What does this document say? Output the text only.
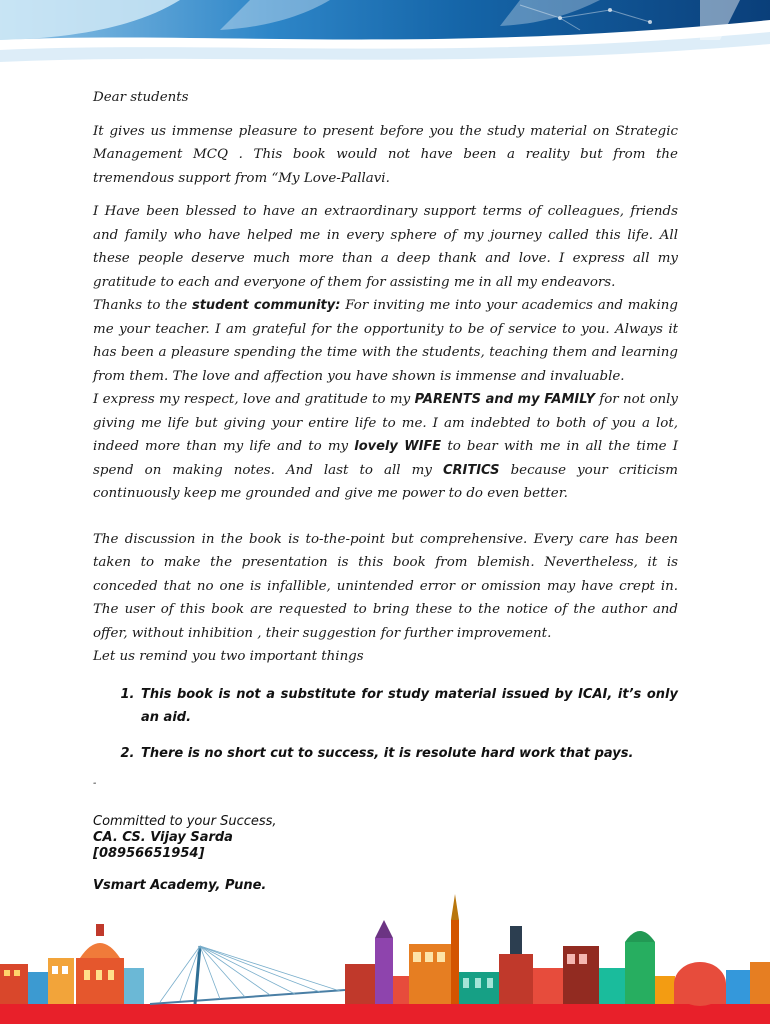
Dear students

It gives us immense pleasure to present before you the study material on Strategic Management MCQ . This book would not have been a reality but from the tremendous support from “My Love-Pallavi.

I Have been blessed to have an extraordinary support terms of colleagues, friends and family who have helped me in every sphere of my journey called this life. All these people deserve much more than a deep thank and love. I express all my gratitude to each and everyone of them for assisting me in all my endeavors.

Thanks to the student community: For inviting me into your academics and making me your teacher. I am grateful for the opportunity to be of service to you. Always it has been a pleasure spending the time with the students, teaching them and learning from them. The love and affection you have shown is immense and invaluable.

I express my respect, love and gratitude to my PARENTS and my FAMILY for not only giving me life but giving your entire life to me. I am indebted to both of you a lot, indeed more than my life and to my lovely WIFE to bear with me in all the time I spend on making notes. And last to all my CRITICS because your criticism continuously keep me grounded and give me power to do even better.

The discussion in the book is to-the-point but comprehensive. Every care has been taken to make the presentation is this book from blemish. Nevertheless, it is conceded that no one is infallible, unintended error or omission may have crept in. The user of this book are requested to bring these to the notice of the author and offer, without inhibition , their suggestion for further improvement.

Let us remind you two important things

1. This book is not a substitute for study material issued by ICAI, it’s only an aid.
2. There is no short cut to success, it is resolute hard work that pays.
-
Committed to your Success,
CA. CS. Vijay Sarda
[08956651954]
Vsmart Academy, Pune.
